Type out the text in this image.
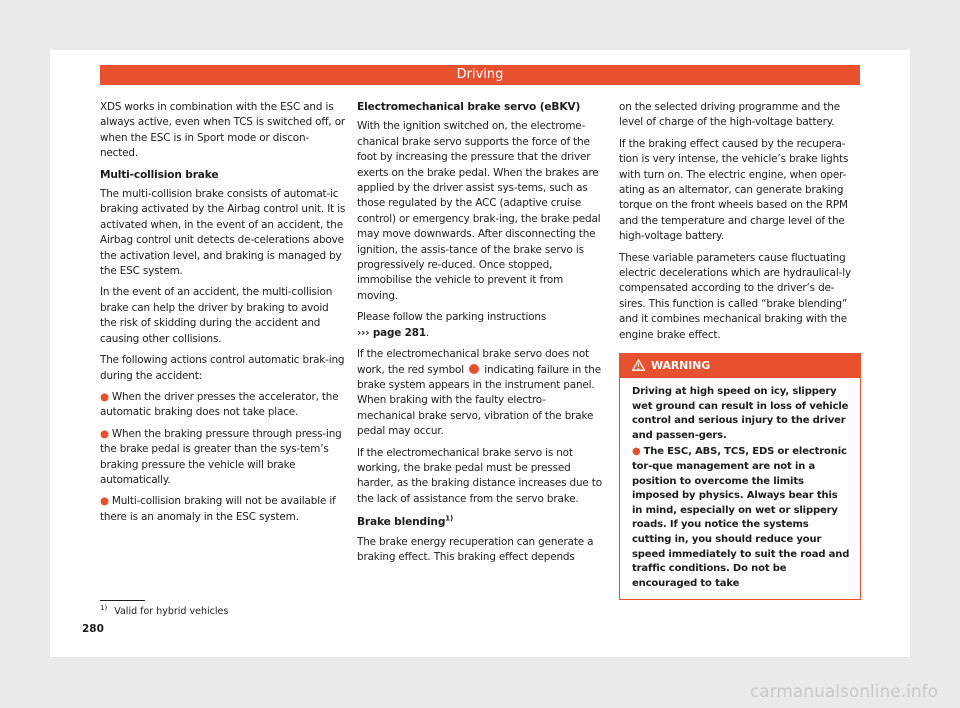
Driving

XDS works in combination with the ESC and is always active, even when TCS is switched off, or when the ESC is in Sport mode or discon-nected.

Multi-collision brake

The multi-collision brake consists of automat-ic braking activated by the Airbag control unit. It is activated when, in the event of an accident, the Airbag control unit detects de-celerations above the activation level, and braking is managed by the ESC system.

In the event of an accident, the multi-collision brake can help the driver by braking to avoid the risk of skidding during the accident and causing other collisions.

The following actions control automatic brak-ing during the accident:

● When the driver presses the accelerator, the automatic braking does not take place.

● When the braking pressure through press-ing the brake pedal is greater than the sys-tem’s braking pressure the vehicle will brake automatically.

● Multi-collision braking will not be available if there is an anomaly in the ESC system.

Electromechanical brake servo (eBKV)

With the ignition switched on, the electrome-chanical brake servo supports the force of the foot by increasing the pressure that the driver exerts on the brake pedal. When the brakes are applied by the driver assist sys-tems, such as those regulated by the ACC (adaptive cruise control) or emergency brak-ing, the brake pedal may move downwards. After disconnecting the ignition, the assis-tance of the brake servo is progressively re-duced. Once stopped, immobilise the vehicle to prevent it from moving.

Please follow the parking instructions
››› page 281.

If the electromechanical brake servo does not work, the red symbol indicating failure in the brake system appears in the instrument panel. When braking with the faulty electro-mechanical brake servo, vibration of the brake pedal may occur.

If the electromechanical brake servo is not working, the brake pedal must be pressed harder, as the braking distance increases due to the lack of assistance from the servo brake.

Brake blending$^{1)}$

The brake energy recuperation can generate a braking effect. This braking effect depends

on the selected driving programme and the level of charge of the high-voltage battery.

If the braking effect caused by the recupera-tion is very intense, the vehicle’s brake lights with turn on. The electric engine, when oper-ating as an alternator, can generate braking torque on the front wheels based on the RPM and the temperature and charge level of the high-voltage battery.

These variable parameters cause fluctuating electric decelerations which are hydraulical-ly compensated according to the driver’s de-sires. This function is called “brake blending” and it combines mechanical braking with the engine brake effect.

WARNING

Driving at high speed on icy, slippery wet ground can result in loss of vehicle control and serious injury to the driver and passen-gers.

● The ESC, ABS, TCS, EDS or electronic tor-que management are not in a position to overcome the limits imposed by physics. Always bear this in mind, especially on wet or slippery roads. If you notice the systems cutting in, you should reduce your speed immediately to suit the road and traffic conditions. Do not be encouraged to take

$^{1)}$ Valid for hybrid vehicles
280
carmanualsonline.info
